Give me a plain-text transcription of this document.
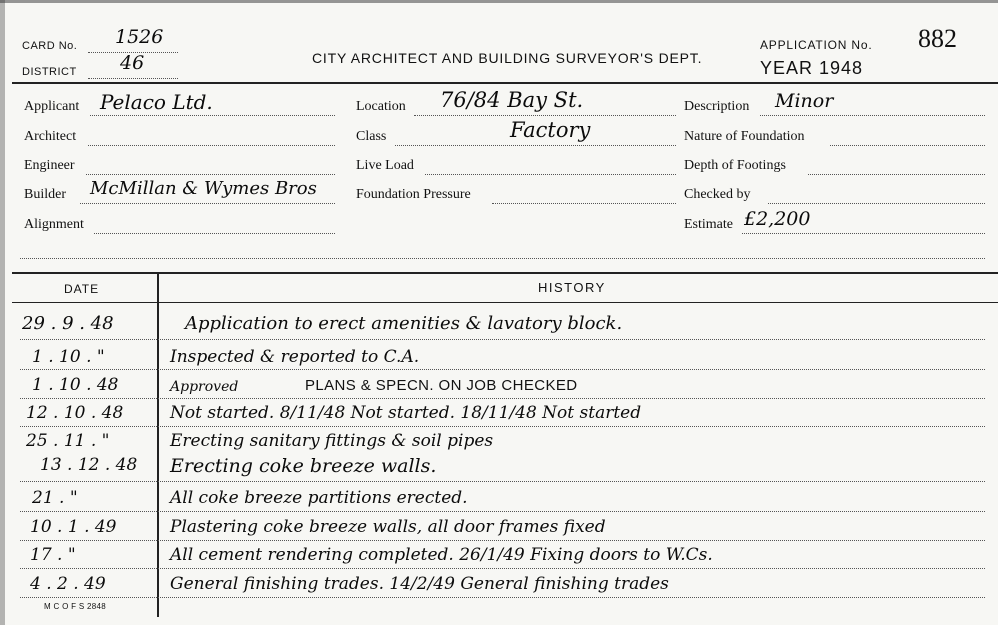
CARD No. 1526
DISTRICT 46	CITY ARCHITECT AND BUILDING SURVEYOR'S DEPT.
APPLICATION No. 882
YEAR 1948
Applicant Pelaco Ltd.
Architect
Engineer
Builder McMillan & Wymes Bros
Alignment
Location 76/84 Bay St.
Class	Factory
Live Load
Foundation Pressure
Description Minor
Nature of Foundation
Depth of Footings
Checked by
Estimate £2,200
DATE	HISTORY
29 . 9 . 48	Application to erect amenities & lavatory block.
1 . 10 . "	Inspected & reported to C.A.
1 . 10 . 48	Approved	PLANS & SPECN. ON JOB CHECKED
12 . 10 . 48	Not started. 8/11/48 Not started. 18/11/48 Not started
25 . 11 . "	Erecting sanitary fittings & soil pipes
13 . 12 . 48	Erecting coke breeze walls.
21 . "	All coke breeze partitions erected.
10 . 1 . 49	Plastering coke breeze walls, all door frames fixed
17 . "	All cement rendering completed. 26/1/49 Fixing doors to W.Cs.
4 . 2 . 49	General finishing trades. 14/2/49 General finishing trades
M C O F S 2848
